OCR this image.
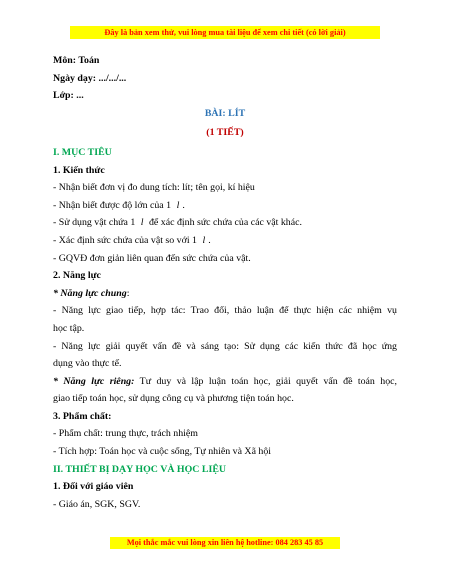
Đây là bản xem thử, vui lòng mua tài liệu để xem chi tiết (có lời giải)
Môn: Toán
Ngày dạy: .../.../...
Lớp: ...
BÀI: LÍT
(1 TIẾT)
I. MỤC TIÊU
1. Kiến thức
- Nhận biết đơn vị đo dung tích: lít; tên gọi, kí hiệu
- Nhận biết được độ lớn của 1 l .
- Sử dụng vật chứa 1 l để xác định sức chứa của các vật khác.
- Xác định sức chứa của vật so với 1 l .
- GQVĐ đơn giản liên quan đến sức chứa của vật.
2. Năng lực
* Năng lực chung:
- Năng lực giao tiếp, hợp tác: Trao đổi, thảo luận để thực hiện các nhiệm vụ
học tập.
- Năng lực giải quyết vấn đề và sáng tạo: Sử dụng các kiến thức đã học ứng
dụng vào thực tế.
* Năng lực riêng: Tư duy và lập luận toán học, giải quyết vấn đề toán học,
giao tiếp toán học, sử dụng công cụ và phương tiện toán học.
3. Phẩm chất:
- Phẩm chất: trung thực, trách nhiệm
- Tích hợp: Toán học và cuộc sống, Tự nhiên và Xã hội
II. THIẾT BỊ DẠY HỌC VÀ HỌC LIỆU
1. Đối với giáo viên
- Giáo án, SGK, SGV.
Mọi thắc mắc vui lòng xin liên hệ hotline: 084 283 45 85
